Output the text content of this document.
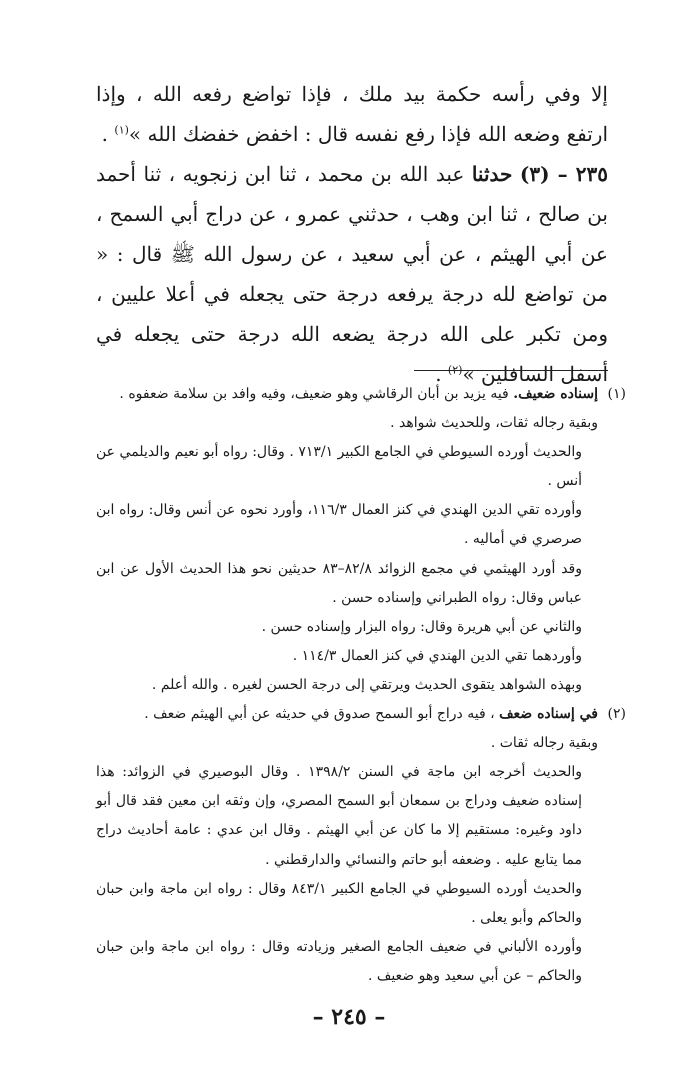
إلا وفي رأسه حكمة بيد ملك ، فإذا تواضع رفعه الله ، وإذا ارتفع وضعه الله فإذا رفع نفسه قال : اخفض خفضك الله »$^{(١)}$ .

٢٣٥ – (٣) حدثنا عبد الله بن محمد ، ثنا ابن زنجويه ، ثنا أحمد بن صالح ، ثنا ابن وهب ، حدثني عمرو ، عن دراج أبي السمح ، عن أبي الهيثم ، عن أبي سعيد ، عن رسول الله ﷺ قال : « من تواضع لله درجة يرفعه درجة حتى يجعله في أعلا عليين ، ومن تكبر على الله درجة يضعه الله درجة حتى يجعله في أسفل السافلين »$^{(٢)}$ .

(١)

إسناده ضعيف. فيه يزيد بن أبان الرقاشي وهو ضعيف، وفيه وافد بن سلامة ضعفوه .

وبقية رجاله ثقات، وللحديث شواهد .

والحديث أورده السيوطي في الجامع الكبير ٧١٣/١ . وقال: رواه أبو نعيم والديلمي عن أنس .

وأورده تقي الدين الهندي في كنز العمال ١١٦/٣، وأورد نحوه عن أنس وقال: رواه ابن صرصري في أماليه .

وقد أورد الهيثمي في مجمع الزوائد ٨٢/٨–٨٣ حديثين نحو هذا الحديث الأول عن ابن عباس وقال: رواه الطبراني وإسناده حسن .

والثاني عن أبي هريرة وقال: رواه البزار وإسناده حسن .

وأوردهما تقي الدين الهندي في كنز العمال ١١٤/٣ .

وبهذه الشواهد يتقوى الحديث ويرتقي إلى درجة الحسن لغيره . والله أعلم .

(٢)

في إسناده ضعف ، فيه دراج أبو السمح صدوق في حديثه عن أبي الهيثم ضعف .

وبقية رجاله ثقات .

والحديث أخرجه ابن ماجة في السنن ١٣٩٨/٢ . وقال البوصيري في الزوائد: هذا إسناده ضعيف ودراج بن سمعان أبو السمح المصري، وإن وثقه ابن معين فقد قال أبو داود وغيره: مستقيم إلا ما كان عن أبي الهيثم . وقال ابن عدي : عامة أحاديث دراج مما يتابع عليه . وضعفه أبو حاتم والنسائي والدارقطني .

والحديث أورده السيوطي في الجامع الكبير ٨٤٣/١ وقال : رواه ابن ماجة وابن حبان والحاكم وأبو يعلى .

وأورده الألباني في ضعيف الجامع الصغير وزيادته وقال : رواه ابن ماجة وابن حبان والحاكم – عن أبي سعيد وهو ضعيف .

– ٢٤٥ –
